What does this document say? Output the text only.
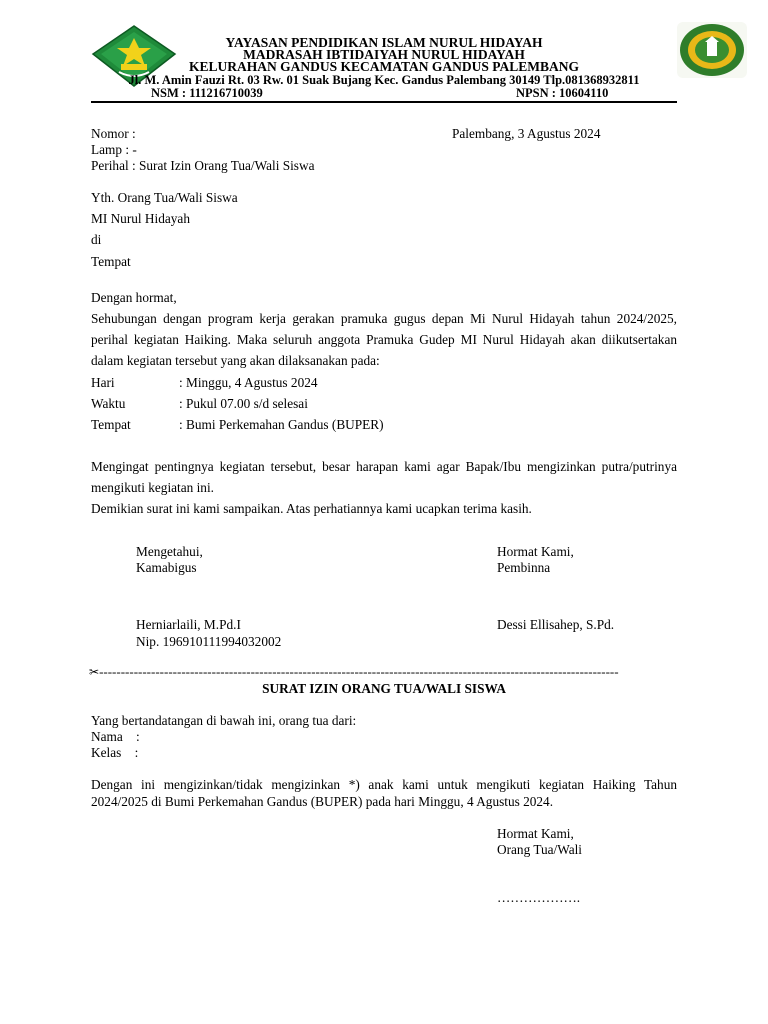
YAYASAN PENDIDIKAN ISLAM NURUL HIDAYAH
MADRASAH IBTIDAIYAH NURUL HIDAYAH
KELURAHAN GANDUS KECAMATAN GANDUS PALEMBANG
Jl. M. Amin Fauzi Rt. 03 Rw. 01 Suak Bujang Kec. Gandus Palembang 30149 Tlp.081368932811
NSM : 111216710039	NPSN : 10604110
Nomor :	Palembang, 3 Agustus 2024
Lamp : -
Perihal : Surat Izin Orang Tua/Wali Siswa
Yth. Orang Tua/Wali Siswa
MI Nurul Hidayah
di
Tempat
Dengan hormat,
Sehubungan dengan program kerja gerakan pramuka gugus depan Mi Nurul Hidayah tahun 2024/2025, perihal kegiatan Haiking. Maka seluruh anggota Pramuka Gudep MI Nurul Hidayah akan diikutsertakan dalam kegiatan tersebut yang akan dilaksanakan pada:
Hari	: Minggu, 4 Agustus 2024
Waktu	: Pukul 07.00 s/d selesai
Tempat	: Bumi Perkemahan Gandus (BUPER)
Mengingat pentingnya kegiatan tersebut, besar harapan kami agar Bapak/Ibu mengizinkan putra/putrinya mengikuti kegiatan ini.
Demikian surat ini kami sampaikan. Atas perhatiannya kami ucapkan terima kasih.
Mengetahui,
Kamabigus
Hormat Kami,
Pembinna
Herniarlaili, M.Pd.I
Nip. 196910111994032002
Dessi Ellisahep, S.Pd.
✂------------------------------------------------------------------------------------------------------------------------
SURAT IZIN ORANG TUA/WALI SISWA
Yang bertandatangan di bawah ini, orang tua dari:
Nama    :
Kelas    :
Dengan ini mengizinkan/tidak mengizinkan *) anak kami untuk mengikuti kegiatan Haiking Tahun 2024/2025 di Bumi Perkemahan Gandus (BUPER) pada hari Minggu, 4 Agustus 2024.
Hormat Kami,
Orang Tua/Wali
……………….
